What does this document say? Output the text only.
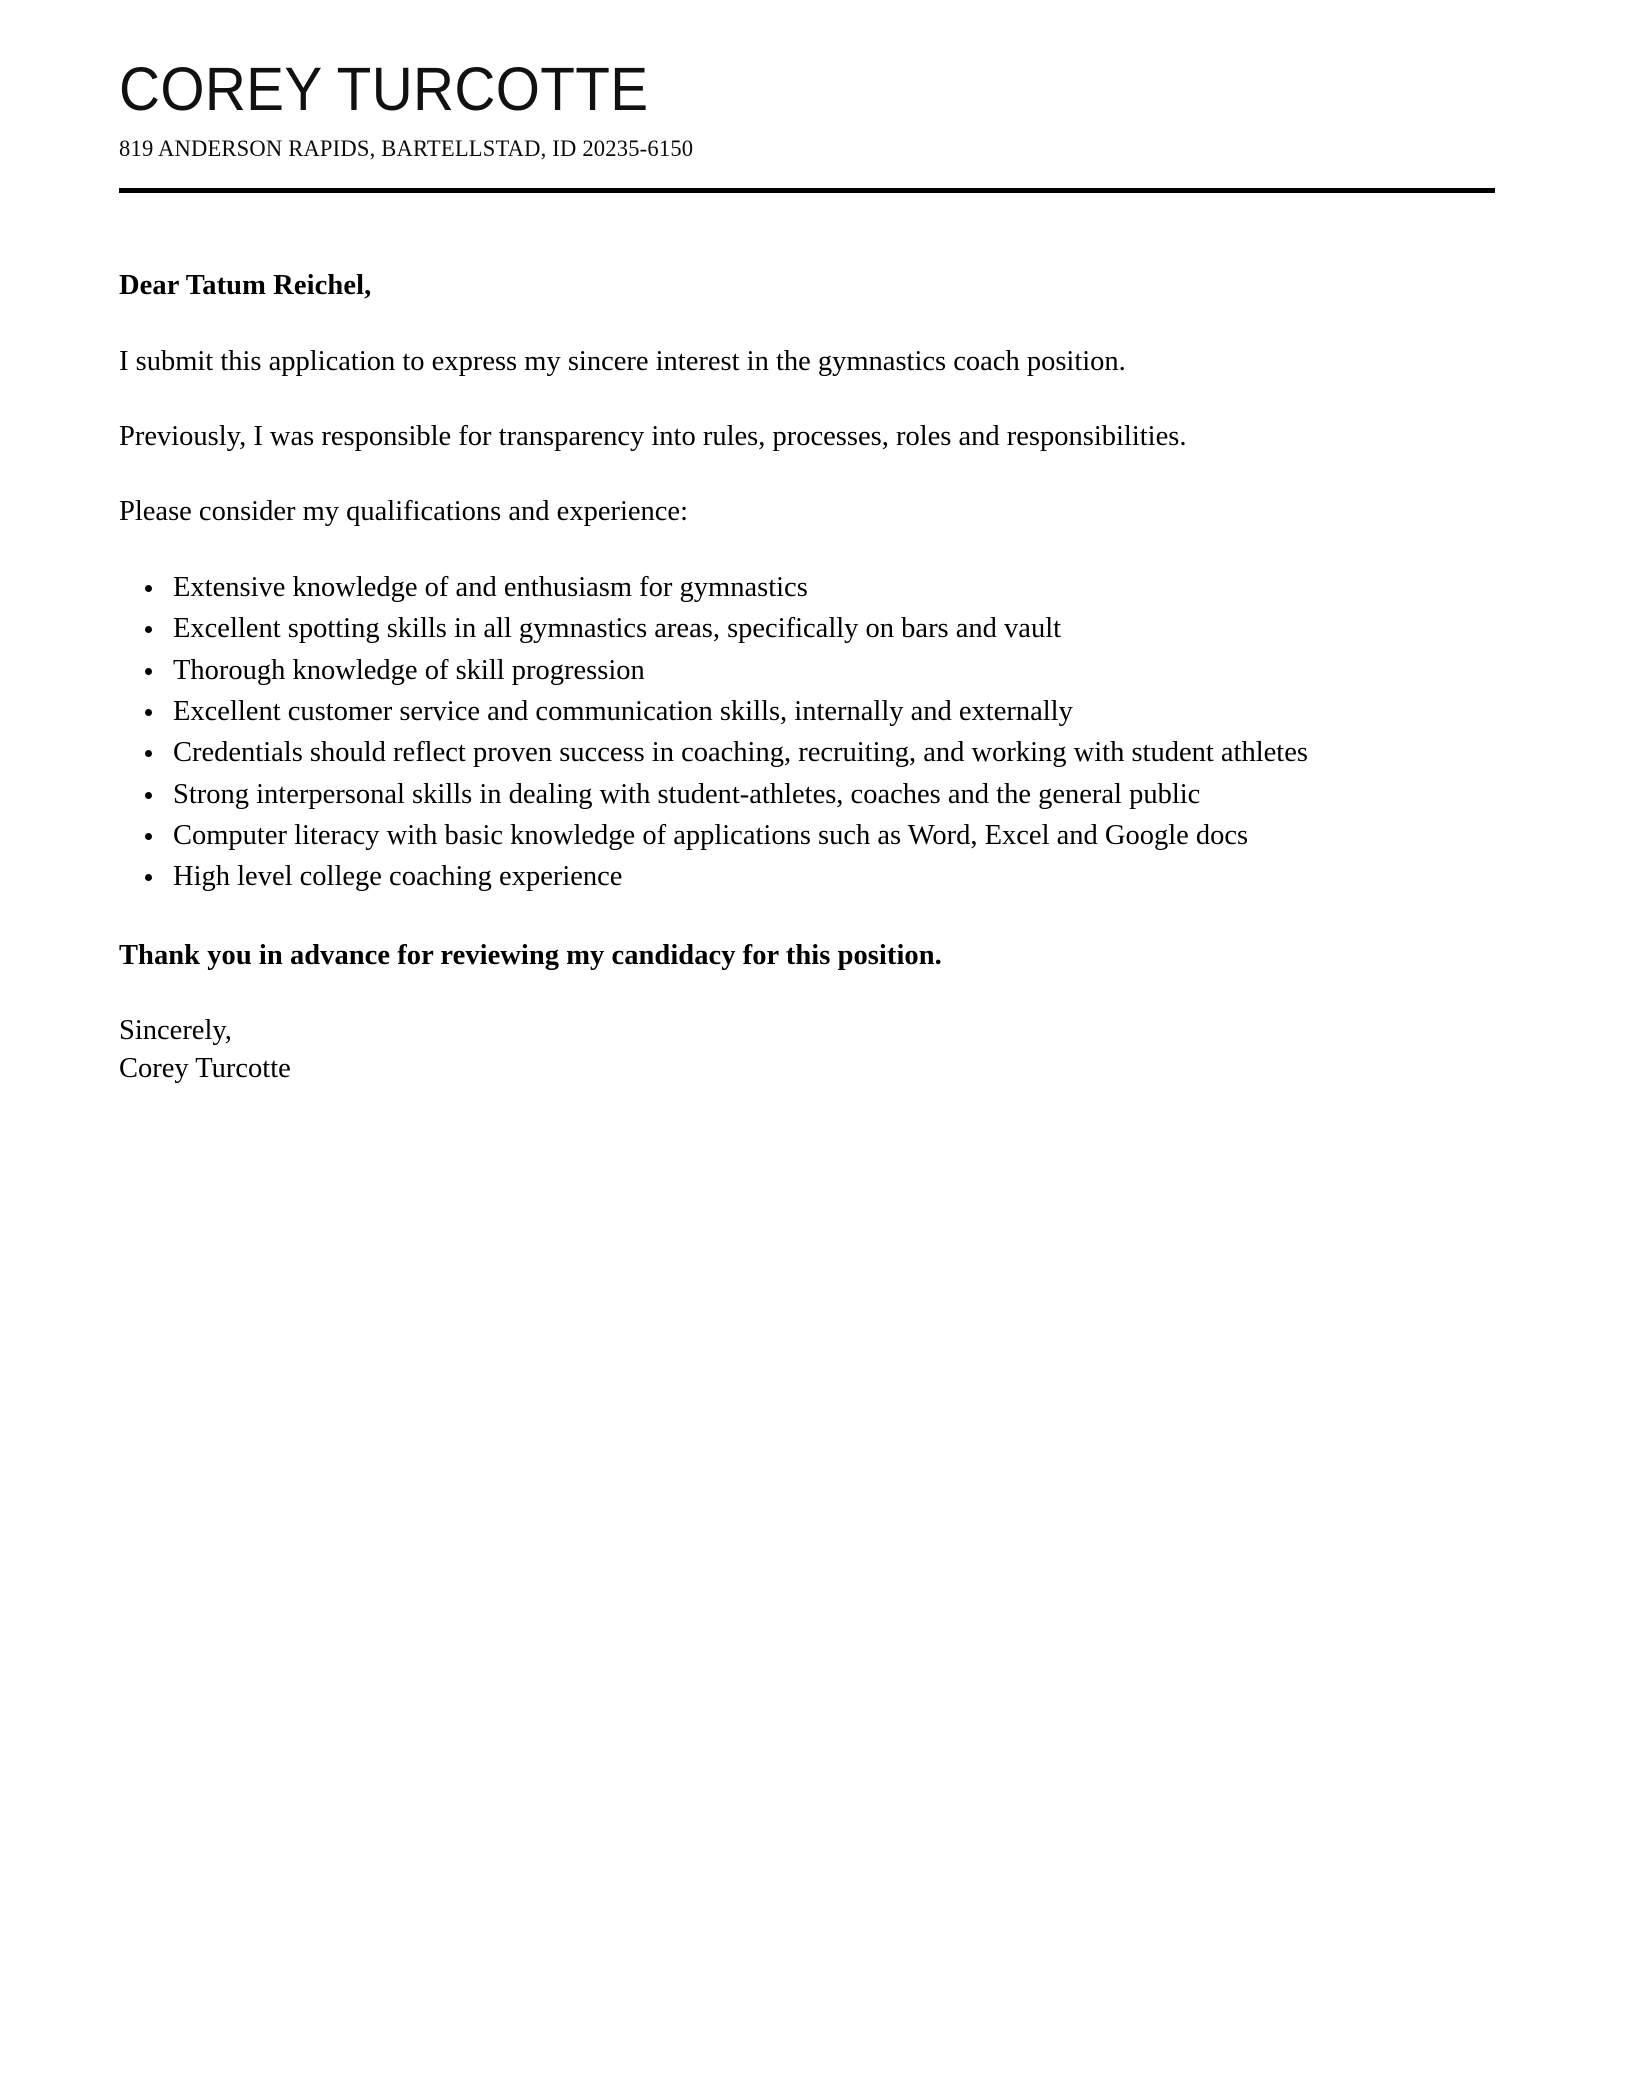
COREY TURCOTTE
819 ANDERSON RAPIDS, BARTELLSTAD, ID 20235-6150

Dear Tatum Reichel,

I submit this application to express my sincere interest in the gymnastics coach position.

Previously, I was responsible for transparency into rules, processes, roles and responsibilities.

Please consider my qualifications and experience:

Extensive knowledge of and enthusiasm for gymnastics
Excellent spotting skills in all gymnastics areas, specifically on bars and vault
Thorough knowledge of skill progression
Excellent customer service and communication skills, internally and externally
Credentials should reflect proven success in coaching, recruiting, and working with student athletes
Strong interpersonal skills in dealing with student-athletes, coaches and the general public
Computer literacy with basic knowledge of applications such as Word, Excel and Google docs
High level college coaching experience

Thank you in advance for reviewing my candidacy for this position.

Sincerely,
Corey Turcotte
